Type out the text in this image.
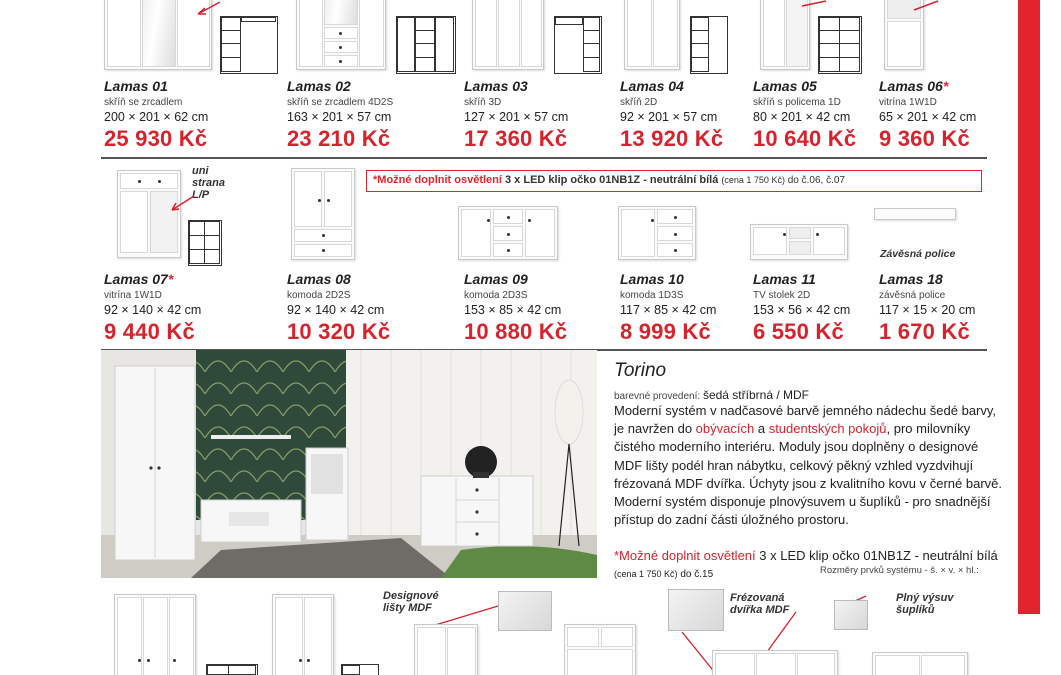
Lamas 01
skříň se zrcadlem
200 × 201 × 62 cm
25 930 Kč
Lamas 02
skříň se zrcadlem 4D2S
163 × 201 × 57 cm
23 210 Kč
Lamas 03
skříň 3D
127 × 201 × 57 cm
17 360 Kč
Lamas 04
skříň 2D
92 × 201 × 57 cm
13 920 Kč
Lamas 05
skříň s policema 1D
80 × 201 × 42 cm
10 640 Kč
Lamas 06*
vitrína 1W1D
65 × 201 × 42 cm
9 360 Kč
uni
strana
L/P
Závěsná police
*Možné doplnit osvětlení 3 x LED klip očko 01NB1Z - neutrální bílá (cena 1 750 Kč) do č.06, č.07
Lamas 07*
vitrína 1W1D
92 × 140 × 42 cm
9 440 Kč
Lamas 08
komoda 2D2S
92 × 140 × 42 cm
10 320 Kč
Lamas 09
komoda 2D3S
153 × 85 × 42 cm
10 880 Kč
Lamas 10
komoda 1D3S
117 × 85 × 42 cm
8 999 Kč
Lamas 11
TV stolek 2D
153 × 56 × 42 cm
6 550 Kč
Lamas 18
závěsná police
117 × 15 × 20 cm
1 670 Kč
Torino
barevné provedení: šedá stříbrná / MDF
Moderní systém v nadčasové barvě jemného nádechu šedé barvy, je navržen do obývacích a studentských pokojů, pro milovníky čistého moderního interiéru. Moduly jsou doplněny o designové MDF lišty podél hran nábytku, celkový pěkný vzhled vyzdvihují frézovaná MDF dvířka. Úchyty jsou z kvalitního kovu v černé barvě. Moderní systém disponuje plnovýsuvem u šuplíků - pro snadnější přístup do zadní části úložného prostoru.
*Možné doplnit osvětlení 3 x LED klip očko 01NB1Z - neutrální bílá (cena 1 750 Kč) do č.15	Rozměry prvků systému - š. × v. × hl.:
Designové
lišty MDF
Frézovaná
dvířka MDF
Plný výsuv
šuplíků
